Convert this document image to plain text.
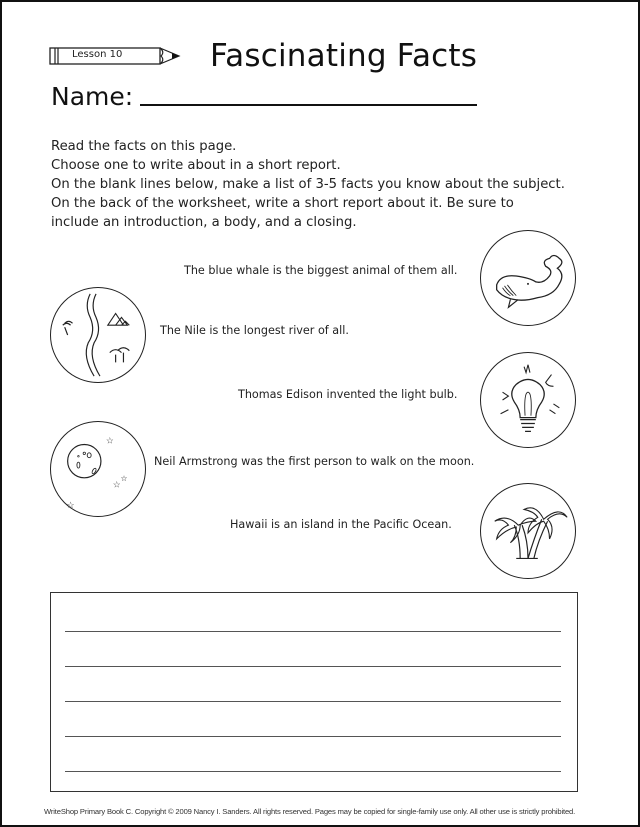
Lesson 10	Fascinating Facts
Name:
Read the facts on this page.
Choose one to write about in a short report.
On the blank lines below, make a list of 3-5 facts you know about the subject.
On the back of the worksheet, write a short report about it. Be sure to
include an introduction, a body, and a closing.
The blue whale is the biggest animal of them all.
The Nile is the longest river of all.
Thomas Edison invented the light bulb.
Neil Armstrong was the first person to walk on the moon.
☆
☆
☆
☆
Hawaii is an island in the Pacific Ocean.
WriteShop Primary Book C. Copyright © 2009 Nancy I. Sanders. All rights reserved. Pages may be copied for single-family use only. All other use is strictly prohibited.
